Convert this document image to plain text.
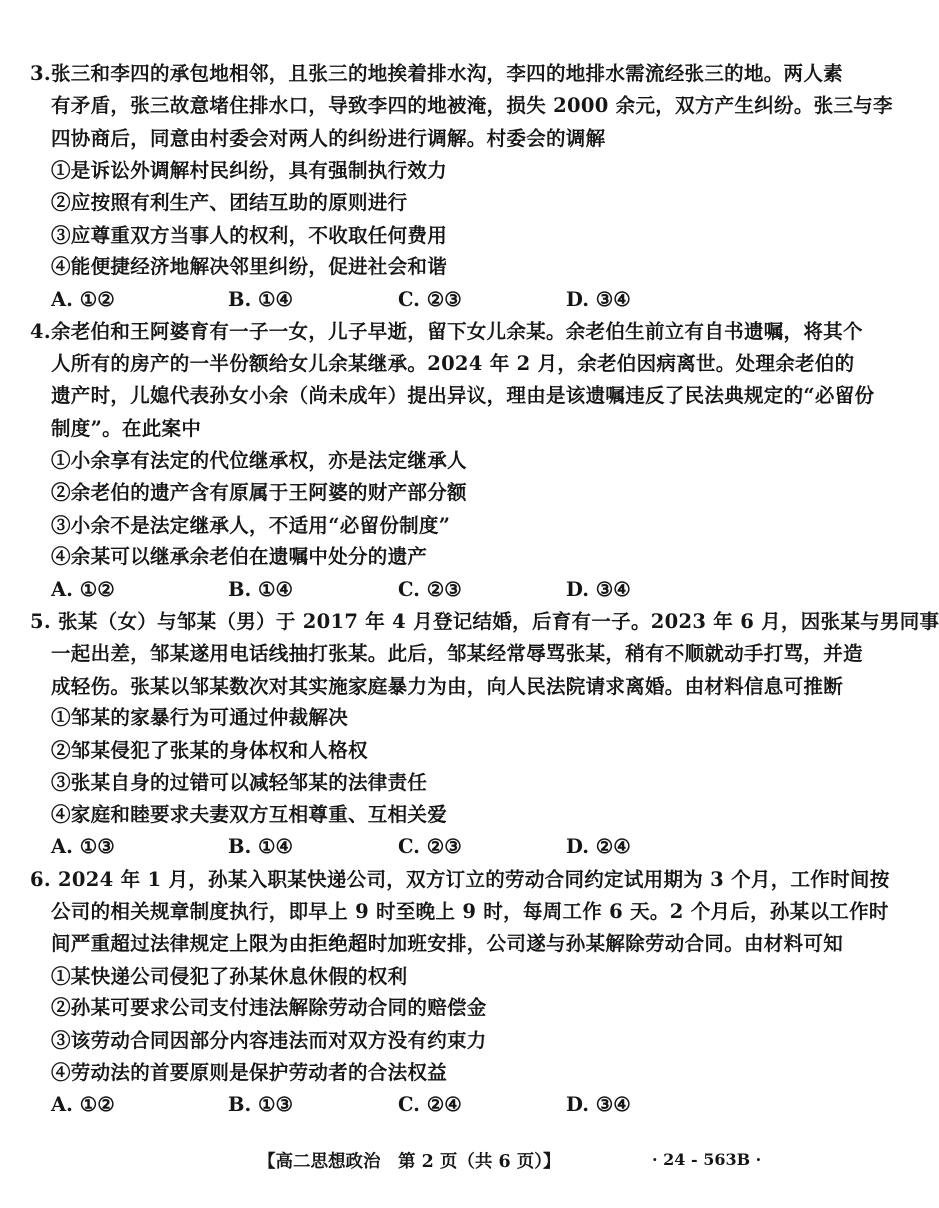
3.张三和李四的承包地相邻，且张三的地挨着排水沟，李四的地排水需流经张三的地。两人素
有矛盾，张三故意堵住排水口，导致李四的地被淹，损失 2000 余元，双方产生纠纷。张三与李
四协商后，同意由村委会对两人的纠纷进行调解。村委会的调解
①是诉讼外调解村民纠纷，具有强制执行效力
②应按照有利生产、团结互助的原则进行
③应尊重双方当事人的权利，不收取任何费用
④能便捷经济地解决邻里纠纷，促进社会和谐
A. ①②	B. ①④	C. ②③	D. ③④
4.余老伯和王阿婆育有一子一女，儿子早逝，留下女儿余某。余老伯生前立有自书遗嘱，将其个
人所有的房产的一半份额给女儿余某继承。2024 年 2 月，余老伯因病离世。处理余老伯的
遗产时，儿媳代表孙女小余（尚未成年）提出异议，理由是该遗嘱违反了民法典规定的“必留份
制度”。在此案中
①小余享有法定的代位继承权，亦是法定继承人
②余老伯的遗产含有原属于王阿婆的财产部分额
③小余不是法定继承人，不适用“必留份制度”
④余某可以继承余老伯在遗嘱中处分的遗产
A. ①②	B. ①④	C. ②③	D. ③④
5. 张某（女）与邹某（男）于 2017 年 4 月登记结婚，后育有一子。2023 年 6 月，因张某与男同事
一起出差，邹某遂用电话线抽打张某。此后，邹某经常辱骂张某，稍有不顺就动手打骂，并造
成轻伤。张某以邹某数次对其实施家庭暴力为由，向人民法院请求离婚。由材料信息可推断
①邹某的家暴行为可通过仲裁解决
②邹某侵犯了张某的身体权和人格权
③张某自身的过错可以减轻邹某的法律责任
④家庭和睦要求夫妻双方互相尊重、互相关爱
A. ①③	B. ①④	C. ②③	D. ②④
6. 2024 年 1 月，孙某入职某快递公司，双方订立的劳动合同约定试用期为 3 个月，工作时间按
公司的相关规章制度执行，即早上 9 时至晚上 9 时，每周工作 6 天。2 个月后，孙某以工作时
间严重超过法律规定上限为由拒绝超时加班安排，公司遂与孙某解除劳动合同。由材料可知
①某快递公司侵犯了孙某休息休假的权利
②孙某可要求公司支付违法解除劳动合同的赔偿金
③该劳动合同因部分内容违法而对双方没有约束力
④劳动法的首要原则是保护劳动者的合法权益
A. ①②	B. ①③	C. ②④	D. ③④
【高二思想政治　第 2 页（共 6 页）】	· 24 - 563B ·
